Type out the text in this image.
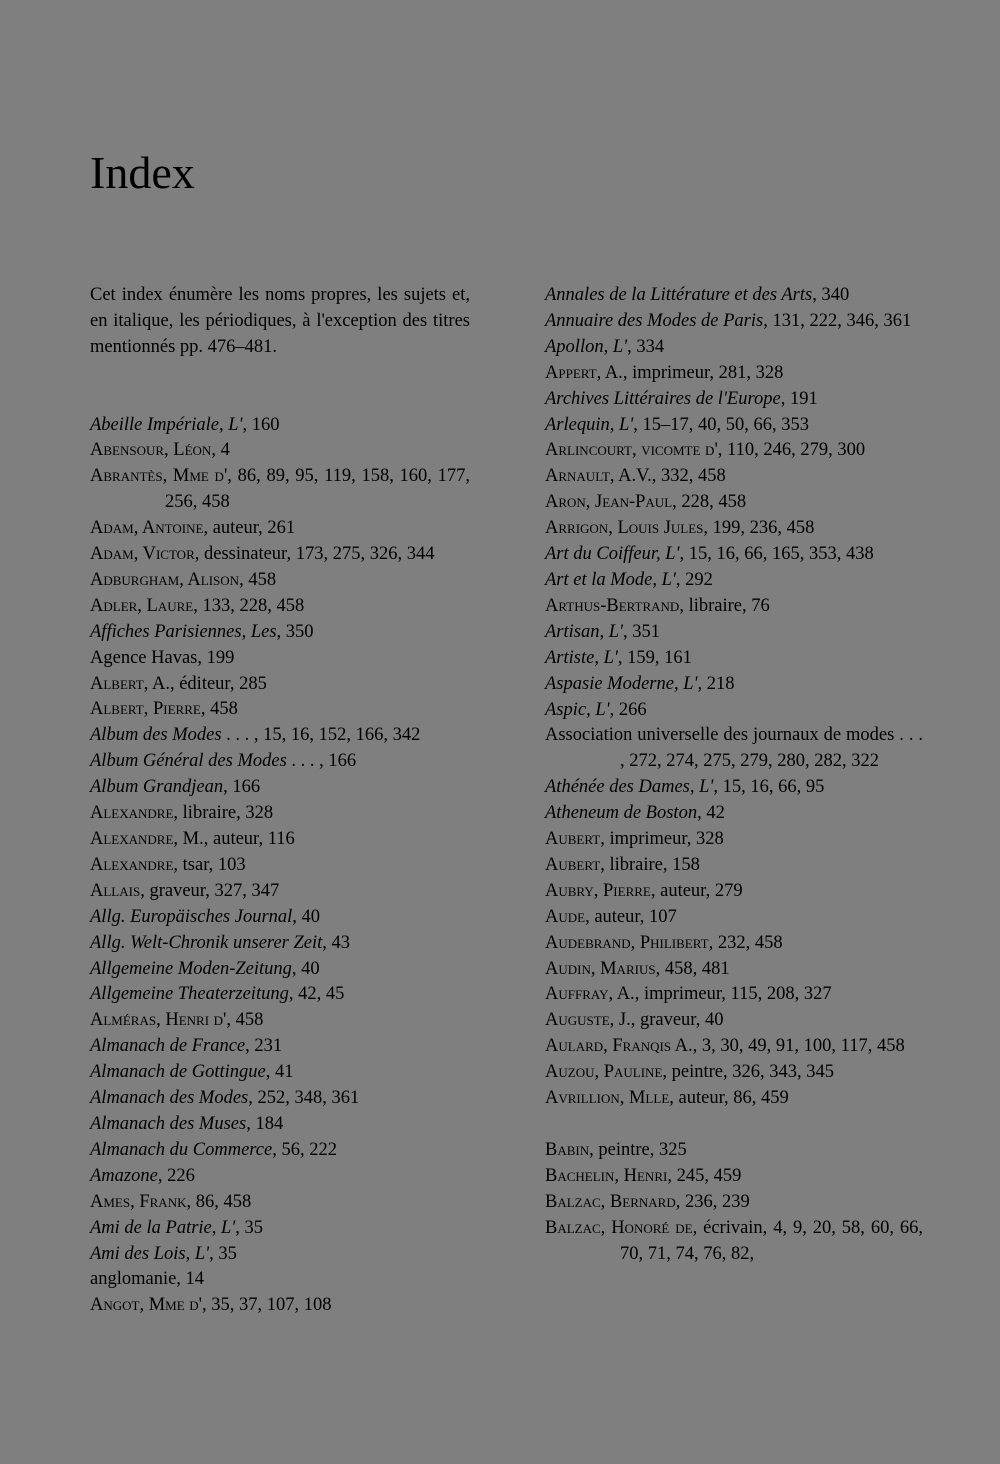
Index

Cet index énumère les noms propres, les sujets et, en italique, les périodiques, à l'exception des titres mentionnés pp. 476–481.

Abeille Impériale, L', 160
Abensour, Léon, 4
Abrantès, Mme d', 86, 89, 95, 119, 158, 160, 177, 256, 458
Adam, Antoine, auteur, 261
Adam, Victor, dessinateur, 173, 275, 326, 344
Adburgham, Alison, 458
Adler, Laure, 133, 228, 458
Affiches Parisiennes, Les, 350
Agence Havas, 199
Albert, A., éditeur, 285
Albert, Pierre, 458
Album des Modes . . . , 15, 16, 152, 166, 342
Album Général des Modes . . . , 166
Album Grandjean, 166
Alexandre, libraire, 328
Alexandre, M., auteur, 116
Alexandre, tsar, 103
Allais, graveur, 327, 347
Allg. Europäisches Journal, 40
Allg. Welt-Chronik unserer Zeit, 43
Allgemeine Moden-Zeitung, 40
Allgemeine Theaterzeitung, 42, 45
Alméras, Henri d', 458
Almanach de France, 231
Almanach de Gottingue, 41
Almanach des Modes, 252, 348, 361
Almanach des Muses, 184
Almanach du Commerce, 56, 222
Amazone, 226
Ames, Frank, 86, 458
Ami de la Patrie, L', 35
Ami des Lois, L', 35
anglomanie, 14
Angot, Mme d', 35, 37, 107, 108
Annales de la Littérature et des Arts, 340
Annuaire des Modes de Paris, 131, 222, 346, 361
Apollon, L', 334
Appert, A., imprimeur, 281, 328
Archives Littéraires de l'Europe, 191
Arlequin, L', 15–17, 40, 50, 66, 353
Arlincourt, vicomte d', 110, 246, 279, 300
Arnault, A.V., 332, 458
Aron, Jean-Paul, 228, 458
Arrigon, Louis Jules, 199, 236, 458
Art du Coiffeur, L', 15, 16, 66, 165, 353, 438
Art et la Mode, L', 292
Arthus-Bertrand, libraire, 76
Artisan, L', 351
Artiste, L', 159, 161
Aspasie Moderne, L', 218
Aspic, L', 266
Association universelle des journaux de modes . . . , 272, 274, 275, 279, 280, 282, 322
Athénée des Dames, L', 15, 16, 66, 95
Atheneum de Boston, 42
Aubert, imprimeur, 328
Aubert, libraire, 158
Aubry, Pierre, auteur, 279
Aude, auteur, 107
Audebrand, Philibert, 232, 458
Audin, Marius, 458, 481
Auffray, A., imprimeur, 115, 208, 327
Auguste, J., graveur, 40
Aulard, Franqis A., 3, 30, 49, 91, 100, 117, 458
Auzou, Pauline, peintre, 326, 343, 345
Avrillion, Mlle, auteur, 86, 459
Babin, peintre, 325
Bachelin, Henri, 245, 459
Balzac, Bernard, 236, 239
Balzac, Honoré de, écrivain, 4, 9, 20, 58, 60, 66, 70, 71, 74, 76, 82,
